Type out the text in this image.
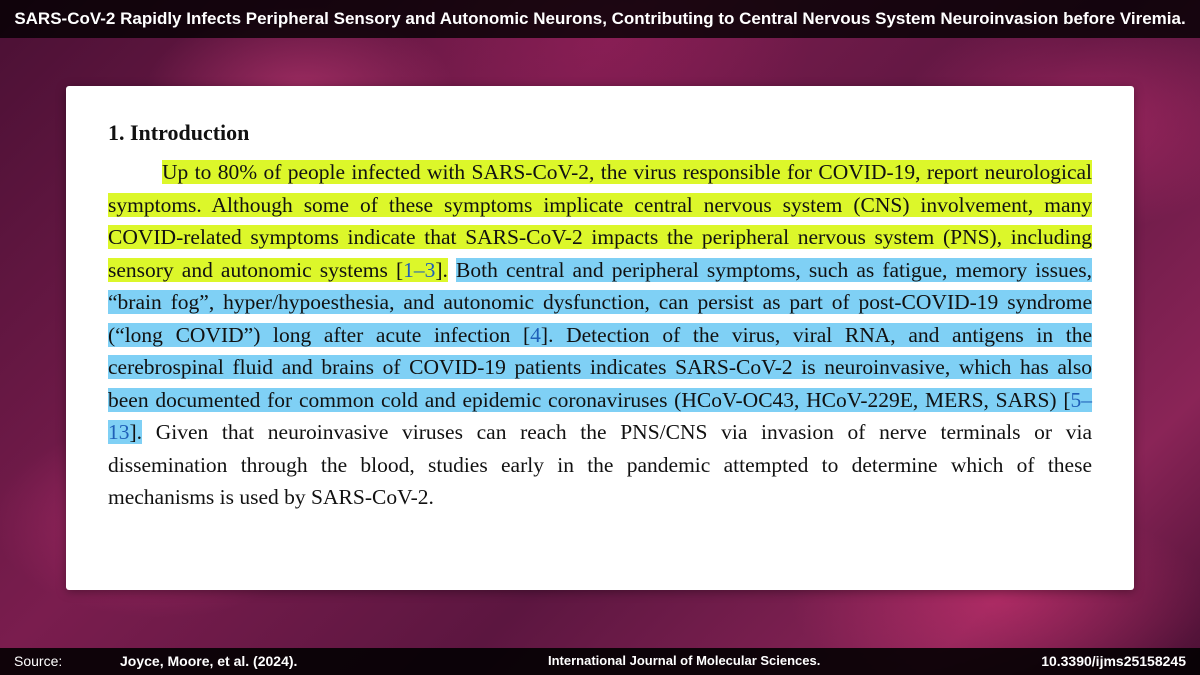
SARS-CoV-2 Rapidly Infects Peripheral Sensory and Autonomic Neurons, Contributing to Central Nervous System Neuroinvasion before Viremia.
1. Introduction

Up to 80% of people infected with SARS-CoV-2, the virus responsible for COVID-19, report neurological symptoms. Although some of these symptoms implicate central nervous system (CNS) involvement, many COVID-related symptoms indicate that SARS-CoV-2 impacts the peripheral nervous system (PNS), including sensory and autonomic systems [1–3]. Both central and peripheral symptoms, such as fatigue, memory issues, “brain fog”, hyper/hypoesthesia, and autonomic dysfunction, can persist as part of post-COVID-19 syndrome (“long COVID”) long after acute infection [4]. Detection of the virus, viral RNA, and antigens in the cerebrospinal fluid and brains of COVID-19 patients indicates SARS-CoV-2 is neuroinvasive, which has also been documented for common cold and epidemic coronaviruses (HCoV-OC43, HCoV-229E, MERS, SARS) [5–13]. Given that neuroinvasive viruses can reach the PNS/CNS via invasion of nerve terminals or via dissemination through the blood, studies early in the pandemic attempted to determine which of these mechanisms is used by SARS-CoV-2.

Source:	Joyce, Moore, et al. (2024).	International Journal of Molecular Sciences.	10.3390/ijms25158245
